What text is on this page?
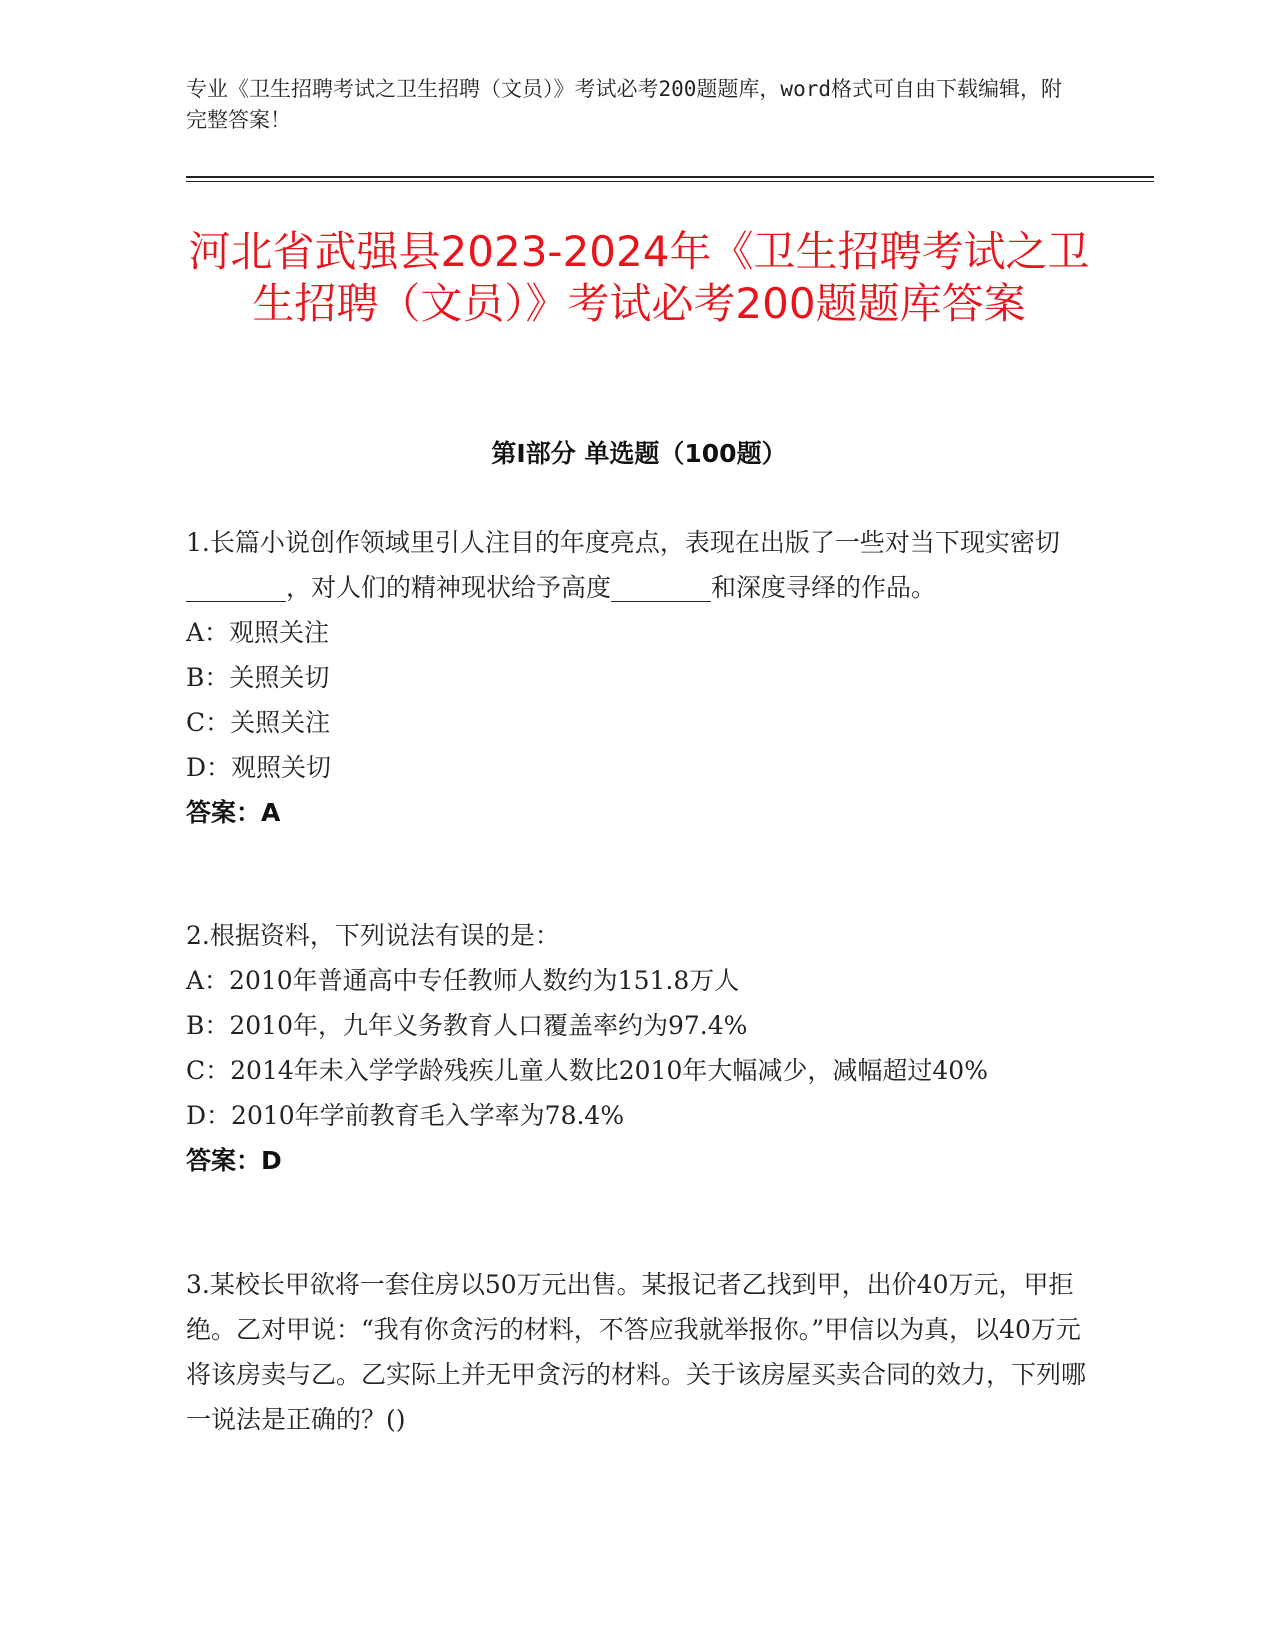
专业《卫生招聘考试之卫生招聘（文员）》考试必考200题题库，word格式可自由下载编辑，附完整答案！
河北省武强县2023-2024年《卫生招聘考试之卫生招聘（文员）》考试必考200题题库答案
第Ⅰ部分 单选题（100题）
1.长篇小说创作领域里引人注目的年度亮点，表现在出版了一些对当下现实密切________，对人们的精神现状给予高度________和深度寻绎的作品。
A：观照关注
B：关照关切
C：关照关注
D：观照关切
答案：A
2.根据资料，下列说法有误的是：
A：2010年普通高中专任教师人数约为151.8万人
B：2010年，九年义务教育人口覆盖率约为97.4%
C：2014年未入学学龄残疾儿童人数比2010年大幅减少，减幅超过40%
D：2010年学前教育毛入学率为78.4%
答案：D
3.某校长甲欲将一套住房以50万元出售。某报记者乙找到甲，出价40万元，甲拒绝。乙对甲说：“我有你贪污的材料，不答应我就举报你。”甲信以为真，以40万元将该房卖与乙。乙实际上并无甲贪污的材料。关于该房屋买卖合同的效力，下列哪一说法是正确的？()
